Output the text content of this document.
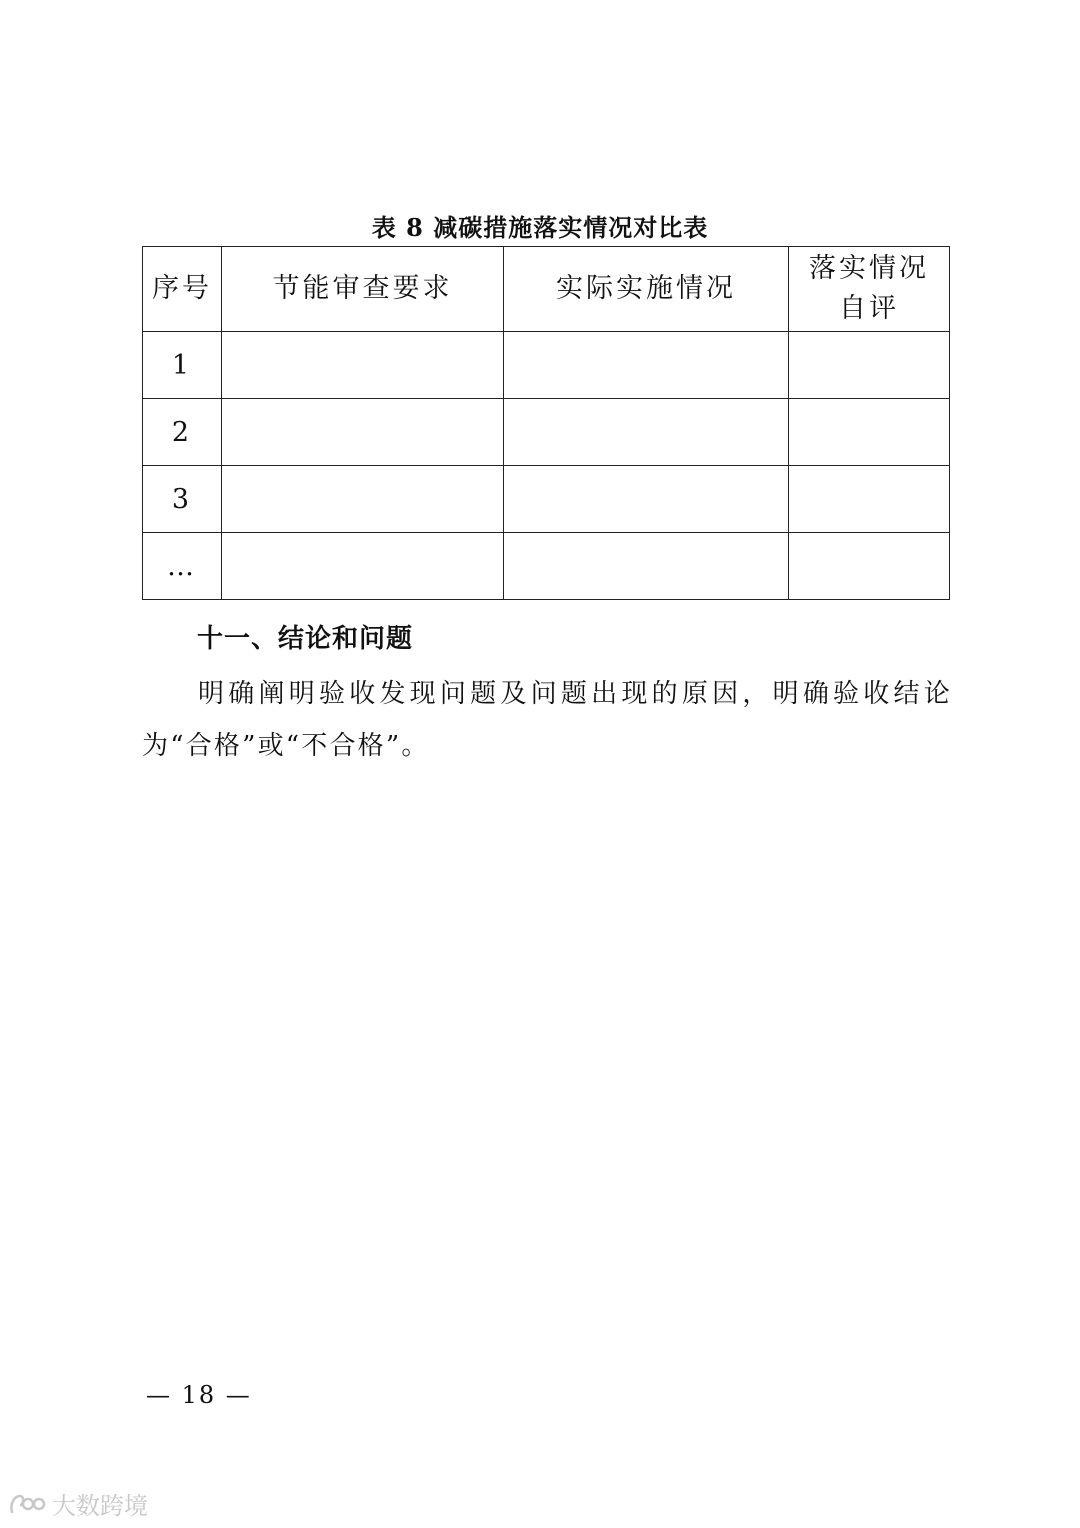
表 8 减碳措施落实情况对比表
序号	节能审查要求	实际实施情况	落实情况
自评

1			
2			
3			
…			
十一、结论和问题
明确阐明验收发现问题及问题出现的原因，明确验收结论为“合格”或“不合格”。
— 18 —
大数跨境
